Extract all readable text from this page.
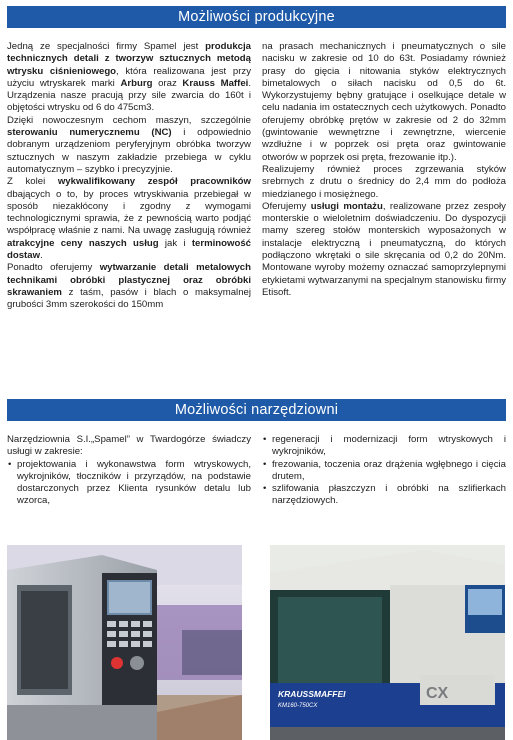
Możliwości produkcyjne

Jedną ze specjalności firmy Spamel jest produkcja technicznych detali z tworzyw sztucznych metodą wtrysku ciśnieniowego, która realizowana jest przy użyciu wtryskarek marki Arburg oraz Krauss Maffei. Urządzenia nasze pracują przy sile zwarcia do 160t i objętości wtrysku od 6 do 475cm3.

Dzięki nowoczesnym cechom maszyn, szczególnie sterowaniu numerycznemu (NC) i odpowiednio dobranym urządzeniom peryferyjnym obróbka tworzyw sztucznych w naszym zakładzie przebiega w cyklu automatycznym – szybko i precyzyjnie.

Z kolei wykwalifikowany zespół pracowników dbających o to, by proces wtryskiwania przebiegał w sposób niezakłócony i zgodny z wymogami technologicznymi sprawia, że z pewnością warto podjąć współpracę właśnie z nami. Na uwagę zasługują również atrakcyjne ceny naszych usług jak i terminowość dostaw.

Ponadto oferujemy wytwarzanie detali metalowych technikami obróbki plastycznej oraz obróbki skrawaniem z taśm, pasów i blach o maksymalnej grubości 3mm szerokości do 150mm

na prasach mechanicznych i pneumatycznych o sile nacisku w zakresie od 10 do 63t. Posiadamy również prasy do gięcia i nitowania styków elektrycznych bimetalowych o siłach nacisku od 0,5 do 6t. Wykorzystujemy bębny gratujące i oselkujące detale w celu nadania im ostatecznych cech użytkowych. Ponadto oferujemy obróbkę prętów w zakresie od 2 do 32mm (gwintowanie wewnętrzne i zewnętrzne, wiercenie wzdłużne i w poprzek osi pręta oraz gwintowanie otworów w poprzek osi pręta, frezowanie itp.).

Realizujemy również proces zgrzewania styków srebrnych z drutu o średnicy do 2,4 mm do podłoża miedzianego i mosiężnego.

Oferujemy usługi montażu, realizowane przez zespoły monterskie o wieloletnim doświadczeniu. Do dyspozycji mamy szereg stołów monterskich wyposażonych w instalacje elektryczną i pneumatyczną, do których podłączono wkrętaki o sile skręcania od 0,2 do 20Nm. Montowane wyroby możemy oznaczać samoprzylepnymi etykietami wytwarzanymi na specjalnym stanowisku firmy Etisoft.

Możliwości narzędziowni

Narzędziownia S.I.„Spamel” w Twardogórze świadczy usługi w zakresie:

• projektowania i wykonawstwa form wtryskowych, wykrojników, tłoczników i przyrządów, na podstawie dostarczonych przez Klienta rysunków detalu lub wzorca,
• regeneracji i modernizacji form wtryskowych i wykrojników,
• frezowania, toczenia oraz drążenia wgłębnego i cięcia drutem,
• szlifowania płaszczyzn i obróbki na szlifierkach narzędziowych.
CX
KRAUSSMAFFEI
KM160-750CX
